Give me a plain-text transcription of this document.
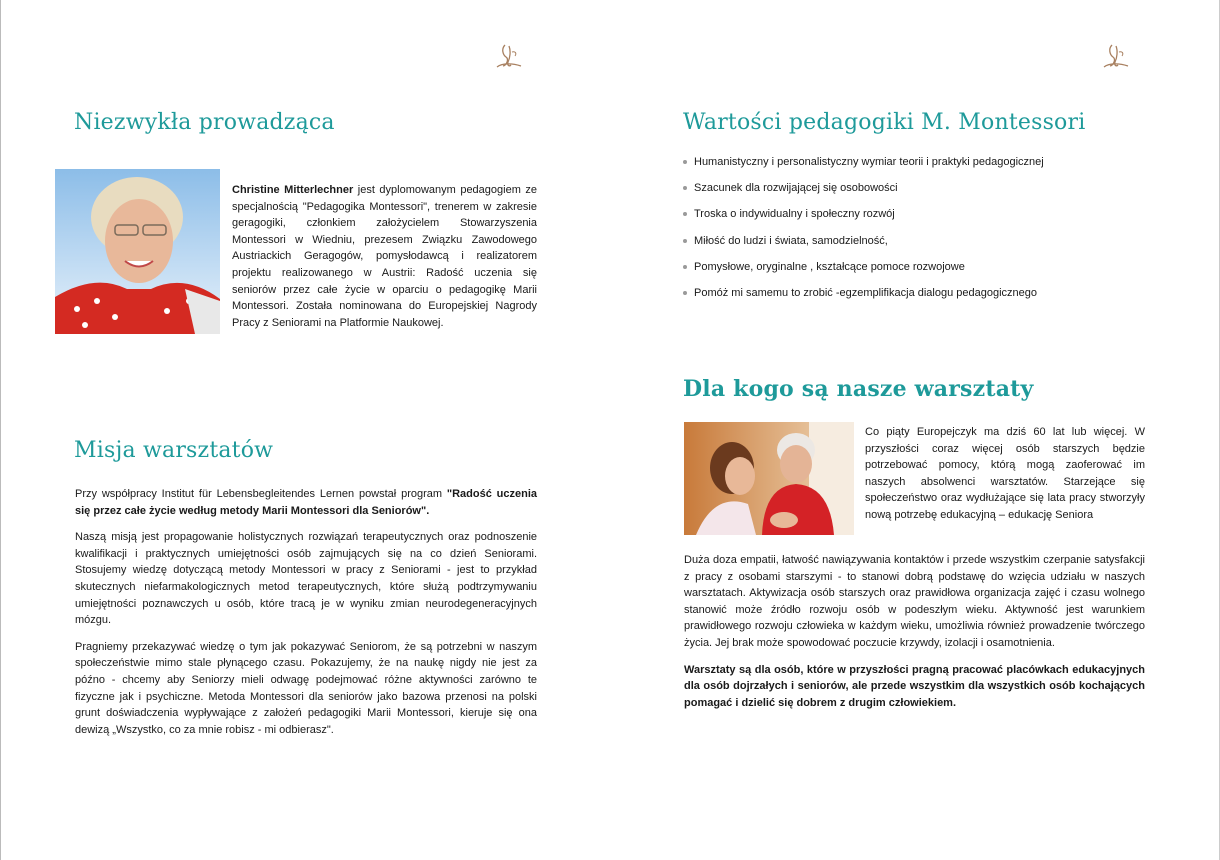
Niezwykła prowadząca

Christine Mitterlechner jest dyplomowanym pedagogiem ze specjalnością "Pedagogika Montessori", trenerem w zakresie geragogiki, członkiem założycielem Stowarzyszenia Montessori w Wiedniu, prezesem Związku Zawodowego Austriackich Geragogów, pomysłodawcą i realizatorem projektu realizowanego w Austrii: Radość uczenia się seniorów przez całe życie w oparciu o pedagogikę Marii Montessori. Została nominowana do Europejskiej Nagrody Pracy z Seniorami na Platformie Naukowej.

Misja warsztatów

Przy współpracy Institut für Lebensbegleitendes Lernen powstał program "Radość uczenia się przez całe życie według metody Marii Montessori dla Seniorów".

Naszą misją jest propagowanie holistycznych rozwiązań terapeutycznych oraz podnoszenie kwalifikacji i praktycznych umiejętności osób zajmujących się na co dzień Seniorami. Stosujemy wiedzę dotyczącą metody Montessori w pracy z Seniorami - jest to przykład skutecznych niefarmakologicznych metod terapeutycznych, które służą podtrzymywaniu umiejętności poznawczych u osób, które tracą je w wyniku zmian neurodegeneracyjnych mózgu.

Pragniemy przekazywać wiedzę o tym jak pokazywać Seniorom, że są potrzebni w naszym społeczeństwie mimo stale płynącego czasu. Pokazujemy, że na naukę nigdy nie jest za późno - chcemy aby Seniorzy mieli odwagę podejmować różne aktywności zarówno te fizyczne jak i psychiczne. Metoda Montessori dla seniorów jako bazowa przenosi na polski grunt doświadczenia wypływające z założeń pedagogiki Marii Montessori, kieruje się ona dewizą „Wszystko, co za mnie robisz - mi odbierasz".

Wartości pedagogiki M. Montessori
Humanistyczny i personalistyczny wymiar teorii i praktyki pedagogicznej
Szacunek dla rozwijającej się osobowości
Troska o indywidualny i społeczny rozwój
Miłość do ludzi i świata, samodzielność,
Pomysłowe, oryginalne , kształcące pomoce rozwojowe
Pomóż mi samemu to zrobić -egzemplifikacja dialogu pedagogicznego
Dla kogo są nasze warsztaty

Co piąty Europejczyk ma dziś 60 lat lub więcej. W przyszłości coraz więcej osób starszych będzie potrzebować pomocy, którą mogą zaoferować im naszych absolwenci warsztatów. Starzejące się społeczeństwo oraz wydłużające się lata pracy stworzyły nową potrzebę edukacyjną – edukację Seniora

Duża doza empatii, łatwość nawiązywania kontaktów i przede wszystkim czerpanie satysfakcji z pracy z osobami starszymi - to stanowi dobrą podstawę do wzięcia udziału w naszych warsztatach. Aktywizacja osób starszych oraz prawidłowa organizacja zajęć i czasu wolnego stanowić może źródło rozwoju osób w podeszłym wieku. Aktywność jest warunkiem prawidłowego rozwoju człowieka w każdym wieku, umożliwia również prowadzenie twórczego życia. Jej brak może spowodować poczucie krzywdy, izolacji i osamotnienia.

Warsztaty są dla osób, które w przyszłości pragną pracować placówkach edukacyjnych dla osób dojrzałych i seniorów, ale przede wszystkim dla wszystkich osób kochających pomagać i dzielić się dobrem z drugim człowiekiem.
